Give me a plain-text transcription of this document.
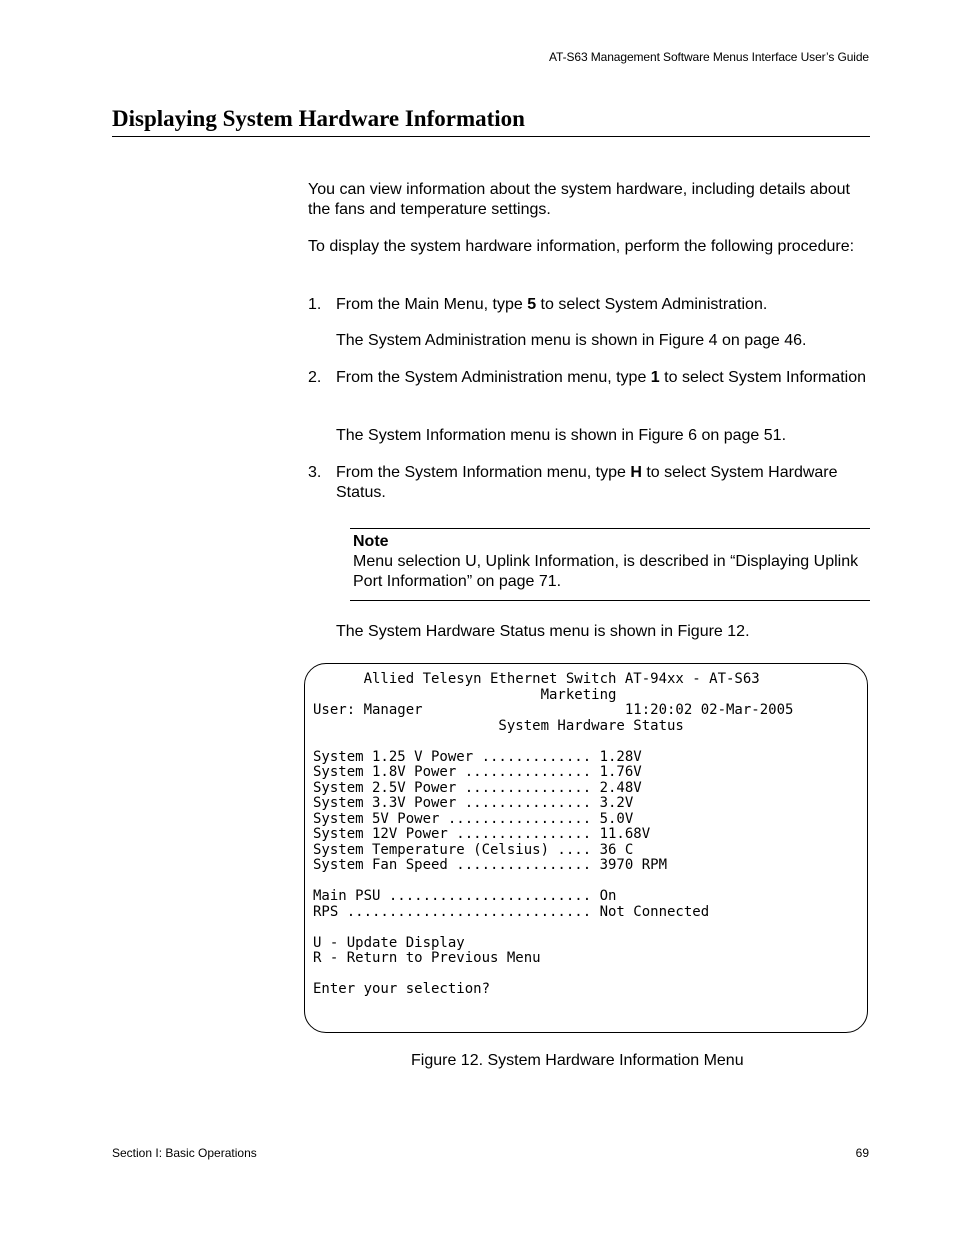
AT-S63 Management Software Menus Interface User’s Guide
Displaying System Hardware Information

You can view information about the system hardware, including details about the fans and temperature settings.

To display the system hardware information, perform the following procedure:

1. From the Main Menu, type 5 to select System Administration.

The System Administration menu is shown in Figure 4 on page 46.

2. From the System Administration menu, type 1 to select System Information

The System Information menu is shown in Figure 6 on page 51.

3. From the System Information menu, type H to select System Hardware Status.

Note
Menu selection U, Uplink Information, is described in “Displaying Uplink Port Information” on page 71.

The System Hardware Status menu is shown in Figure 12.

Allied Telesyn Ethernet Switch AT-94xx - AT-S63
Marketing
User: Manager                        11:20:02 02-Mar-2005
System Hardware Status

System 1.25 V Power ............. 1.28V
System 1.8V Power ............... 1.76V
System 2.5V Power ............... 2.48V
System 3.3V Power ............... 3.2V
System 5V Power ................. 5.0V
System 12V Power ................ 11.68V
System Temperature (Celsius) .... 36 C
System Fan Speed ................ 3970 RPM

Main PSU ........................ On
RPS ............................. Not Connected

U - Update Display
R - Return to Previous Menu

Enter your selection?
Figure 12. System Hardware Information Menu
Section I: Basic Operations	69
